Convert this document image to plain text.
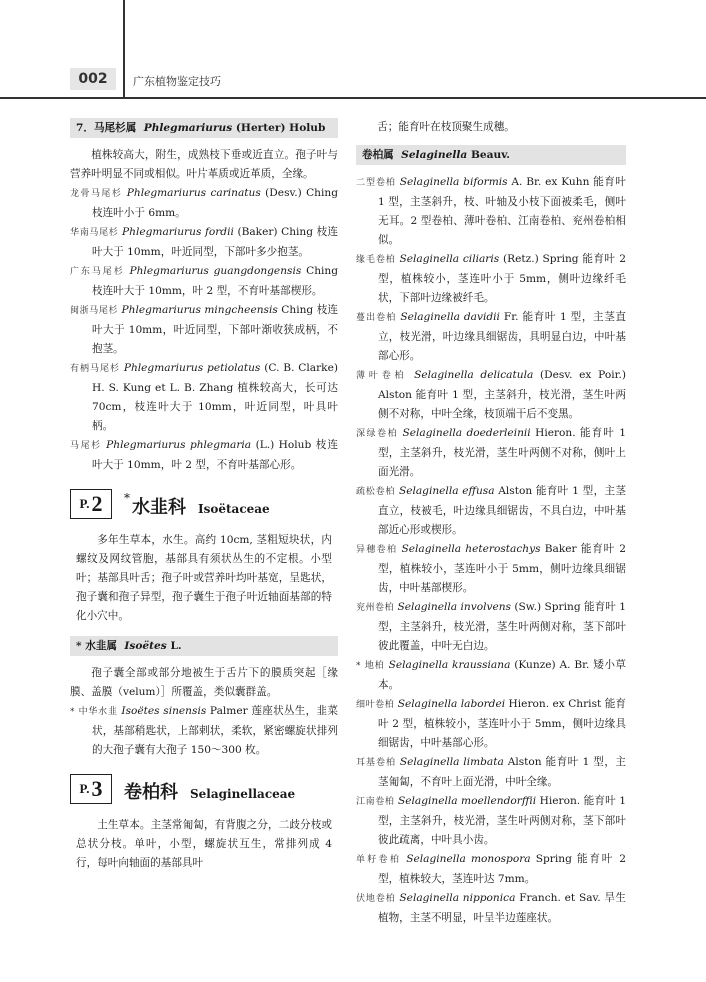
002	广东植物鉴定技巧
7．马尾杉属 Phlegmariurus (Herter) Holub

植株较高大，附生，成熟枝下垂或近直立。孢子叶与营养叶明显不同或相似。叶片革质或近革质，全缘。

龙骨马尾杉 Phlegmariurus carinatus (Desv.) Ching 枝连叶小于 6mm。
华南马尾杉 Phlegmariurus fordii (Baker) Ching 枝连叶大于 10mm，叶近同型，下部叶多少抱茎。
广东马尾杉 Phlegmariurus guangdongensis Ching 枝连叶大于 10mm，叶 2 型，不育叶基部楔形。
闽浙马尾杉 Phlegmariurus mingcheensis Ching 枝连叶大于 10mm，叶近同型，下部叶渐收狭成柄，不抱茎。
有柄马尾杉 Phlegmariurus petiolatus (C. B. Clarke) H. S. Kung et L. B. Zhang 植株较高大，长可达 70cm，枝连叶大于 10mm，叶近同型，叶具叶柄。
马尾杉 Phlegmariurus phlegmaria (L.) Holub 枝连叶大于 10mm，叶 2 型，不育叶基部心形。
P. 2 * 水韭科 Isoëtaceae

多年生草本，水生。高约 10cm, 茎粗短块状，内螺纹及网纹管胞，基部具有须状丛生的不定根。小型叶；基部具叶舌；孢子叶或营养叶均叶基宽，呈匙状，孢子囊和孢子异型，孢子囊生于孢子叶近轴面基部的特化小穴中。

* 水韭属 Isoëtes L.

孢子囊全部或部分地被生于舌片下的膜质突起［缘膜、盖膜（velum）］所覆盖，类似囊群盖。

* 中华水韭 Isoëtes sinensis Palmer 莲座状丛生，韭菜状，基部稍匙状，上部剌状，柔软，紧密螺旋状排列的大孢子囊有大孢子 150～300 枚。
P. 3 卷柏科 Selaginellaceae

土生草本。主茎常匍匐，有背腹之分，二歧分枝或总状分枝。单叶，小型，螺旋状互生，常排列成 4 行，每叶向轴面的基部具叶

舌；能育叶在枝顶聚生成穗。

卷柏属 Selaginella Beauv.
二型卷柏 Selaginella biformis A. Br. ex Kuhn 能育叶 1 型，主茎斜升，枝、叶轴及小枝下面被柔毛，侧叶无耳。2 型卷柏、薄叶卷柏、江南卷柏、兖州卷柏相似。
缘毛卷柏 Selaginella ciliaris (Retz.) Spring 能育叶 2 型，植株较小，茎连叶小于 5mm，侧叶边缘纤毛状，下部叶边缘被纤毛。
蔓出卷柏 Selaginella davidii Fr. 能育叶 1 型，主茎直立，枝光滑，叶边缘具细锯齿，具明显白边，中叶基部心形。
薄叶卷柏 Selaginella delicatula (Desv. ex Poir.) Alston 能育叶 1 型，主茎斜升，枝光滑，茎生叶两侧不对称，中叶全缘，枝顶端干后不变黑。
深绿卷柏 Selaginella doederleinii Hieron. 能育叶 1 型，主茎斜升，枝光滑，茎生叶两侧不对称，侧叶上面光滑。
疏松卷柏 Selaginella effusa Alston 能育叶 1 型，主茎直立，枝被毛，叶边缘具细锯齿，不具白边，中叶基部近心形或楔形。
异穗卷柏 Selaginella heterostachys Baker 能育叶 2 型，植株较小，茎连叶小于 5mm，侧叶边缘具细锯齿，中叶基部楔形。
兖州卷柏 Selaginella involvens (Sw.) Spring 能育叶 1 型，主茎斜升，枝光滑，茎生叶两侧对称，茎下部叶彼此覆盖，中叶无白边。
* 地柏 Selaginella kraussiana (Kunze) A. Br. 矮小草本。
细叶卷柏 Selaginella labordei Hieron. ex Christ 能育叶 2 型，植株较小，茎连叶小于 5mm，侧叶边缘具细锯齿，中叶基部心形。
耳基卷柏 Selaginella limbata Alston 能育叶 1 型，主茎匍匐，不育叶上面光滑，中叶全缘。
江南卷柏 Selaginella moellendorffii Hieron. 能育叶 1 型，主茎斜升，枝光滑，茎生叶两侧对称，茎下部叶彼此疏离，中叶具小齿。
单籽卷柏 Selaginella monospora Spring 能育叶 2 型，植株较大，茎连叶达 7mm。
伏地卷柏 Selaginella nipponica Franch. et Sav. 旱生植物，主茎不明显，叶呈半边莲座状。
